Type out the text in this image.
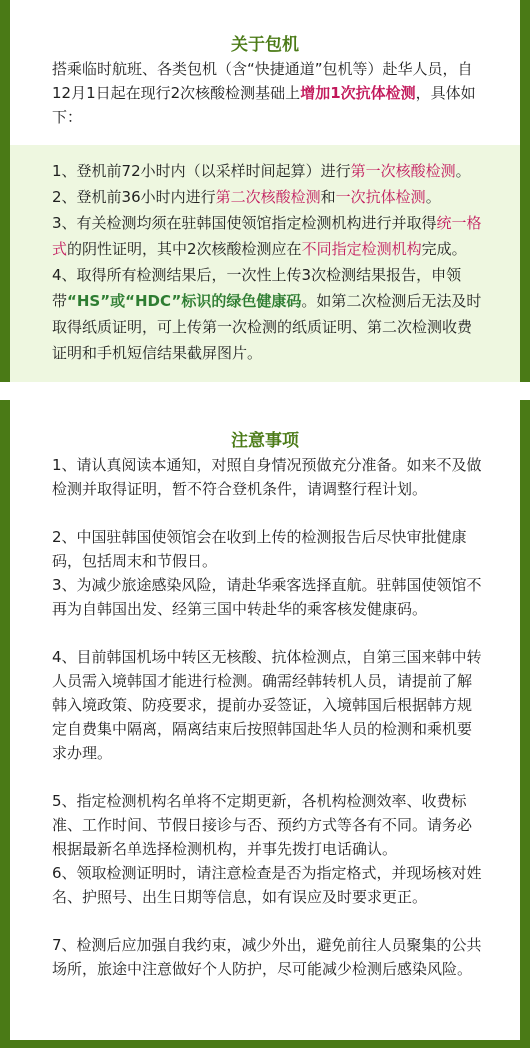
关于包机

搭乘临时航班、各类包机（含“快捷通道”包机等）赴华人员，自12月1日起在现行2次核酸检测基础上增加1次抗体检测，具体如下：

1、登机前72小时内（以采样时间起算）进行第一次核酸检测。

2、登机前36小时内进行第二次核酸检测和一次抗体检测。

3、有关检测均须在驻韩国使领馆指定检测机构进行并取得统一格式的阴性证明，其中2次核酸检测应在不同指定检测机构完成。

4、取得所有检测结果后，一次性上传3次检测结果报告，申领带“HS”或“HDC”标识的绿色健康码。如第二次检测后无法及时取得纸质证明，可上传第一次检测的纸质证明、第二次检测收费证明和手机短信结果截屏图片。

注意事项

1、请认真阅读本通知，对照自身情况预做充分准备。如来不及做检测并取得证明，暂不符合登机条件，请调整行程计划。

2、中国驻韩国使领馆会在收到上传的检测报告后尽快审批健康码，包括周末和节假日。

3、为减少旅途感染风险，请赴华乘客选择直航。驻韩国使领馆不再为自韩国出发、经第三国中转赴华的乘客核发健康码。

4、目前韩国机场中转区无核酸、抗体检测点，自第三国来韩中转人员需入境韩国才能进行检测。确需经韩转机人员，请提前了解韩入境政策、防疫要求，提前办妥签证，入境韩国后根据韩方规定自费集中隔离，隔离结束后按照韩国赴华人员的检测和乘机要求办理。

5、指定检测机构名单将不定期更新，各机构检测效率、收费标准、工作时间、节假日接诊与否、预约方式等各有不同。请务必根据最新名单选择检测机构，并事先拨打电话确认。

6、领取检测证明时，请注意检查是否为指定格式，并现场核对姓名、护照号、出生日期等信息，如有误应及时要求更正。

7、检测后应加强自我约束，减少外出，避免前往人员聚集的公共场所，旅途中注意做好个人防护，尽可能减少检测后感染风险。
